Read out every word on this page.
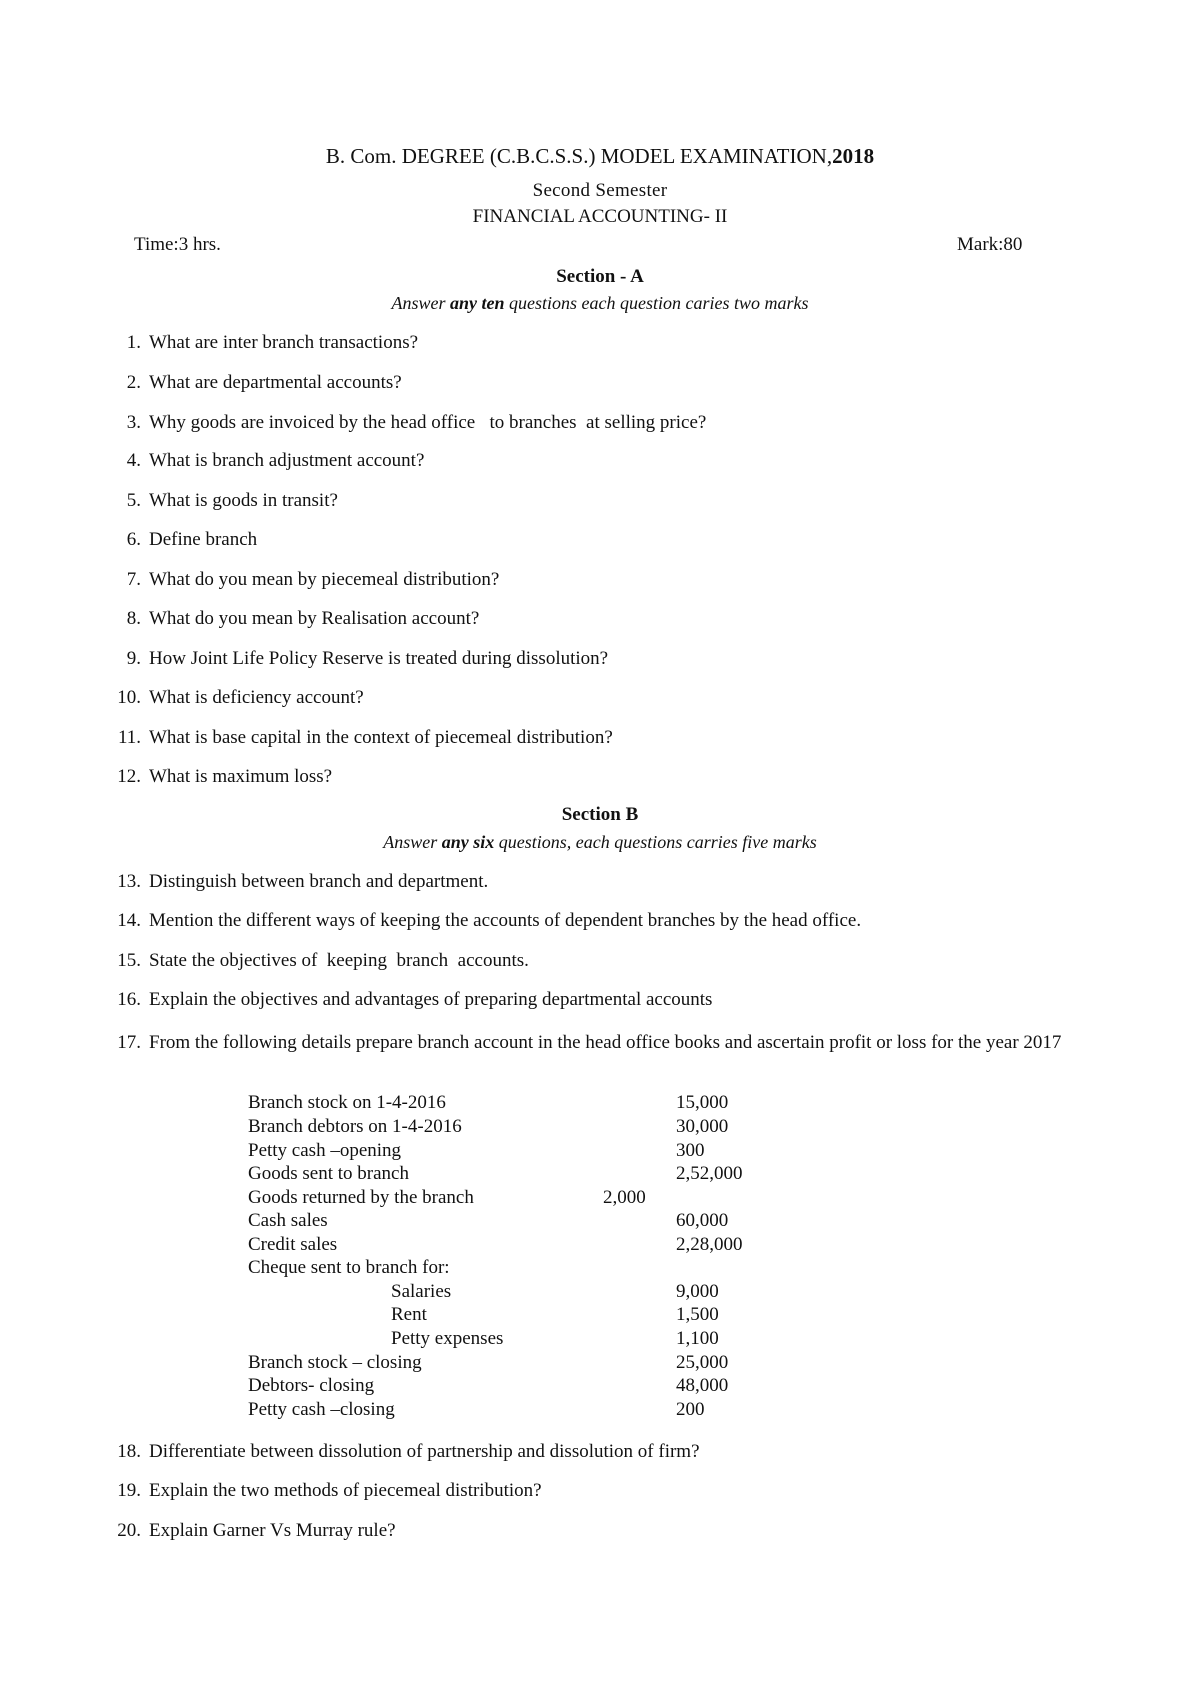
B. Com. DEGREE (C.B.C.S.S.) MODEL EXAMINATION,2018
Second Semester
FINANCIAL ACCOUNTING- II
Time:3 hrs.	Mark:80
Section - A
Answer any ten questions each question caries two marks
1. What are inter branch transactions?
2. What are departmental accounts?
3. Why goods are invoiced by the head office   to branches  at selling price?
4. What is branch adjustment account?
5. What is goods in transit?
6. Define branch
7. What do you mean by piecemeal distribution?
8. What do you mean by Realisation account?
9. How Joint Life Policy Reserve is treated during dissolution?
10. What is deficiency account?
11. What is base capital in the context of piecemeal distribution?
12. What is maximum loss?
Section B
Answer any six questions, each questions carries five marks
13. Distinguish between branch and department.
14. Mention the different ways of keeping the accounts of dependent branches by the head office.
15. State the objectives of  keeping  branch  accounts.
16. Explain the objectives and advantages of preparing departmental accounts
17. From the following details prepare branch account in the head office books and ascertain profit or loss for the year 2017
Branch stock on 1-4-2016	15,000
Branch debtors on 1-4-2016	30,000
Petty cash –opening	300
Goods sent to branch	2,52,000
Goods returned by the branch	2,000
Cash sales	60,000
Credit sales	2,28,000
Cheque sent to branch for:
Salaries	9,000
Rent	1,500
Petty expenses	1,100
Branch stock – closing	25,000
Debtors- closing	48,000
Petty cash –closing	200
18. Differentiate between dissolution of partnership and dissolution of firm?
19. Explain the two methods of piecemeal distribution?
20. Explain Garner Vs Murray rule?
